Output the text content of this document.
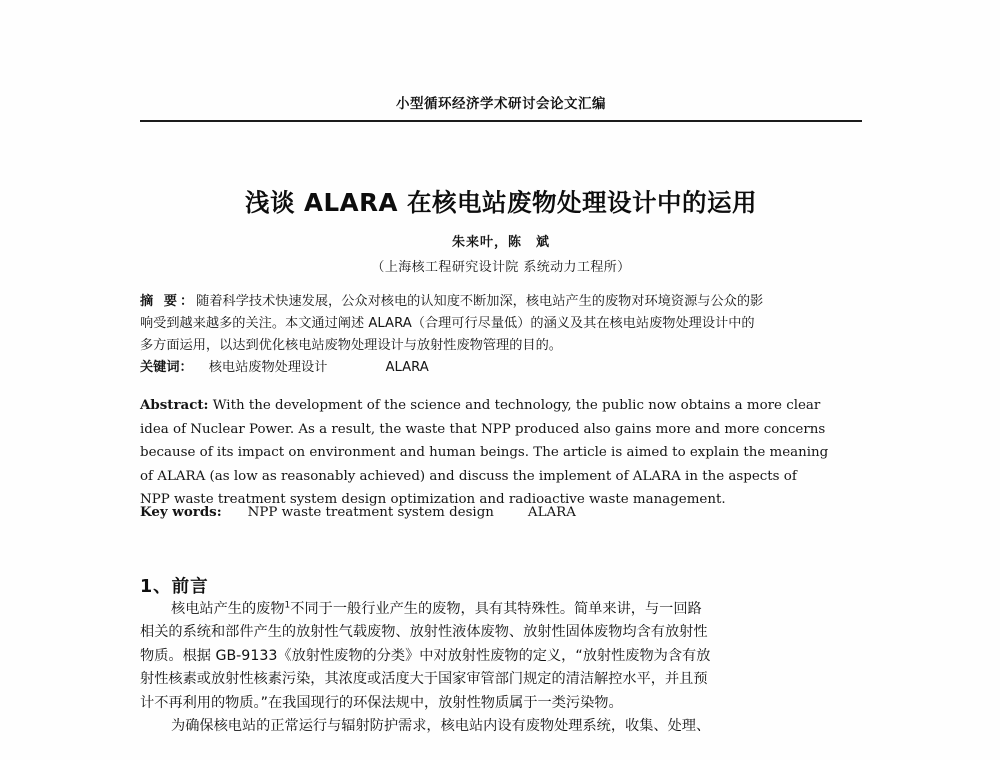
小型循环经济学术研讨会论文汇编
浅谈 ALARA 在核电站废物处理设计中的运用
朱来叶，陈　斌
（上海核工程研究设计院 系统动力工程所）
摘 要：随着科学技术快速发展，公众对核电的认知度不断加深，核电站产生的废物对环境资源与公众的影
响受到越来越多的关注。本文通过阐述 ALARA（合理可行尽量低）的涵义及其在核电站废物处理设计中的
多方面运用，以达到优化核电站废物处理设计与放射性废物管理的目的。
关键词： 核电站废物处理设计	ALARA
Abstract: With the development of the science and technology, the public now obtains a more clear
idea of Nuclear Power. As a result, the waste that NPP produced also gains more and more concerns
because of its impact on environment and human beings. The article is aimed to explain the meaning
of ALARA (as low as reasonably achieved) and discuss the implement of ALARA in the aspects of
NPP waste treatment system design optimization and radioactive waste management.
Key words: NPP waste treatment system design	ALARA
1、前言
核电站产生的废物$^1$不同于一般行业产生的废物，具有其特殊性。简单来讲，与一回路
相关的系统和部件产生的放射性气载废物、放射性液体废物、放射性固体废物均含有放射性
物质。根据 GB-9133《放射性废物的分类》中对放射性废物的定义，“放射性废物为含有放
射性核素或放射性核素污染，其浓度或活度大于国家审管部门规定的清洁解控水平，并且预
计不再利用的物质。”在我国现行的环保法规中，放射性物质属于一类污染物。
为确保核电站的正常运行与辐射防护需求，核电站内设有废物处理系统，收集、处理、
